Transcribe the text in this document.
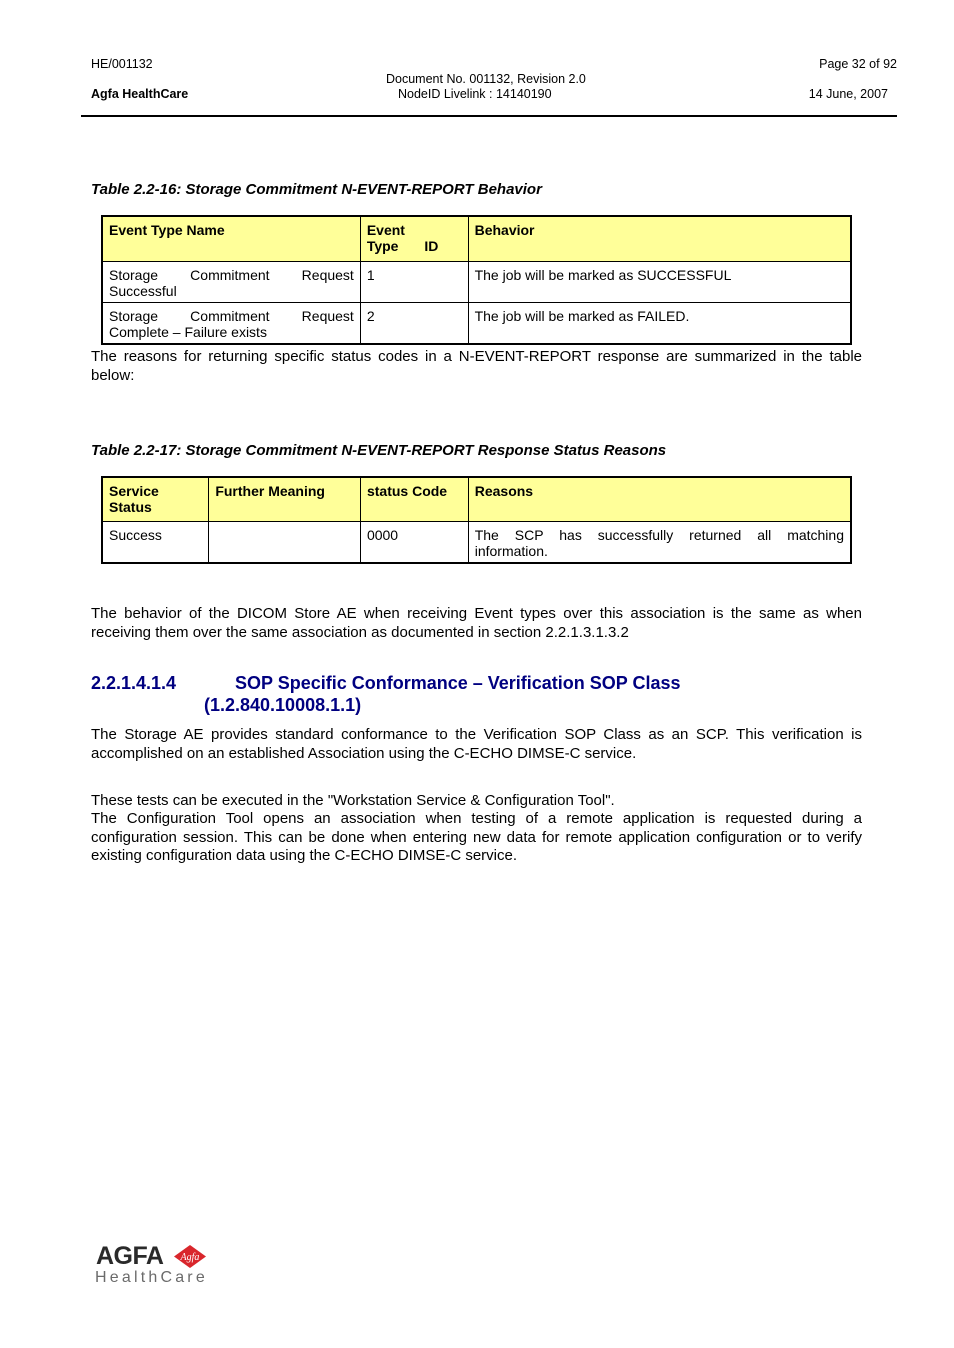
HE/001132
Agfa HealthCare
Document No. 001132, Revision 2.0
NodeID Livelink : 14140190
Page 32 of 92
14 June, 2007
Table 2.2-16: Storage Commitment N-EVENT-REPORT Behavior
Event Type Name	Event Type ID	Behavior

Storage Commitment Request
Successful	1	The job will be marked as SUCCESSFUL

Storage Commitment Request
Complete – Failure exists	2	The job will be marked as FAILED.
The reasons for returning specific status codes in a N-EVENT-REPORT response are summarized in the table below:
Table 2.2-17: Storage Commitment N-EVENT-REPORT Response Status Reasons
Service Status	Further Meaning	status Code	Reasons
Success		0000	The SCP has successfully returned all matching
information.
The behavior of the DICOM Store AE when receiving Event types over this association is the same as when receiving them over the same association as documented in section 2.2.1.3.1.3.2
2.2.1.4.1.4	SOP Specific Conformance – Verification SOP Class
(1.2.840.10008.1.1)
The Storage AE provides standard conformance to the Verification SOP Class as an SCP. This verification is accomplished on an established Association using the C-ECHO DIMSE-C service.
These tests can be executed in the "Workstation Service & Configuration Tool".
The Configuration Tool opens an association when testing of a remote application is requested during a configuration session. This can be done when entering new data for remote application configuration or to verify existing configuration data using the C-ECHO DIMSE-C service.
AGFA Agfa
HealthCare
